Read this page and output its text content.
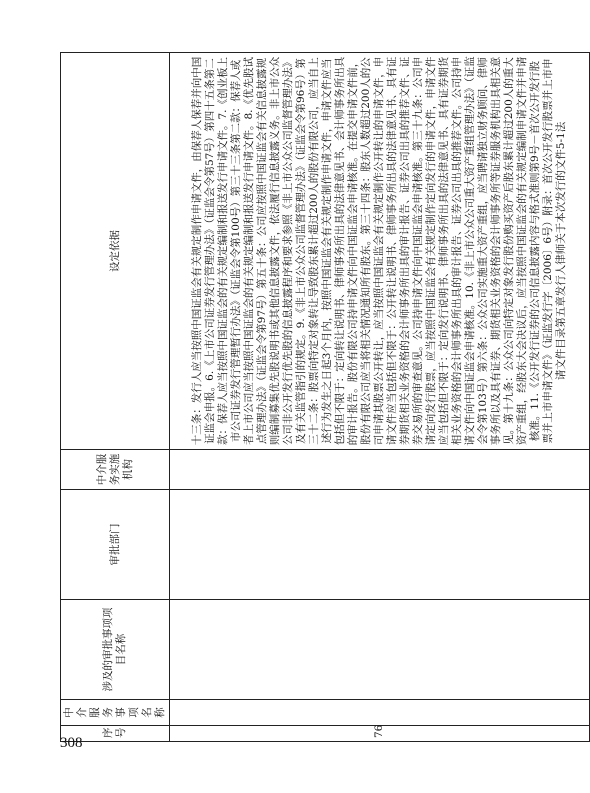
序号	中介服务事项名称	涉及的审批事项项目名称	审批部门	中介服务实施机构	设定依据
76					十三条：发行人应当按照中国证监会有关规定制作申请文件，由保荐人保荐并向中国证监会申报。6.《上市公司证券发行管理办法》（证监会令第57号）第四十五条第二款：保荐人应当按照中国证监会的有关规定编制和报送发行申请文件。7.《创业板上市公司证券发行管理暂行办法》（证监会令第100号）第三十三条第二款：保荐人或者上市公司应当按照中国证监会的有关规定编制和报送发行申请文件。8.《优先股试点管理办法》（证监会令第97号）第五十条：公司应按照中国证监会有关信息披露规则编制募集优先股说明书或其他信息披露文件，依法履行信息披露义务。非上市公众公司非公开发行优先股的信息披露程序和要求参照《非上市公众公司监督管理办法》及有关监管指引的规定。9.《非上市公众公司监督管理办法》（证监会令第96号）第三十二条：股票向特定对象转让导致股东累计超过200人的股份有限公司，应当自上述行为发生之日起3个月内，按照中国证监会有关规定制作申请文件，申请文件应当包括但不限于：定向转让说明书、律师事务所出具的法律意见书、会计师事务所出具的审计报告。股份有限公司持申请文件向中国证监会申请核准。在提交申请文件前，股份有限公司应当将相关情况通知所有股东。第三十四条：股东人数超过200人的公司申请其股票公开转让，应当按照中国证监会有关规定制作公开转让的申请文件，申请文件应当包括但不限于：公开转让说明书、律师事务所出具的法律意见书、具有证券期货相关业务资格的会计师事务所出具的审计报告、证券公司出具的推荐文件、证券交易所的审查意见。公司持申请文件向中国证监会申请核准。第三十九条：公司申请定向发行股票，应当按照中国证监会有关规定制作定向发行的申请文件，申请文件应当包括但不限于：定向发行说明书、律师事务所出具的法律意见书、具有证券期货相关业务资格的会计师事务所出具的审计报告、证券公司出具的推荐文件。公司持申请文件向中国证监会申请核准。10.《非上市公众公司重大资产重组管理办法》（证监会令第103号）第六条：公众公司实施重大资产重组，应当聘请独立财务顾问、律师事务所以及具有证券、期货相关业务资格的会计师事务所等证券服务机构出具相关意见。第十九条：公众公司向特定对象发行股份购买资产后股东累计超过200人的重大资产重组，经股东大会决议后，应当按照中国证监会的有关规定编制申请文件并申请核准。11.《公开发行证券的公司信息披露内容与格式准则第9号－首次公开发行股票并上市申请文件》（证监发行字〔2006〕6号）附录：首次公开发行股票并上市申请文件目录第五章发行人律师关于本次发行的文件5-1法
308
